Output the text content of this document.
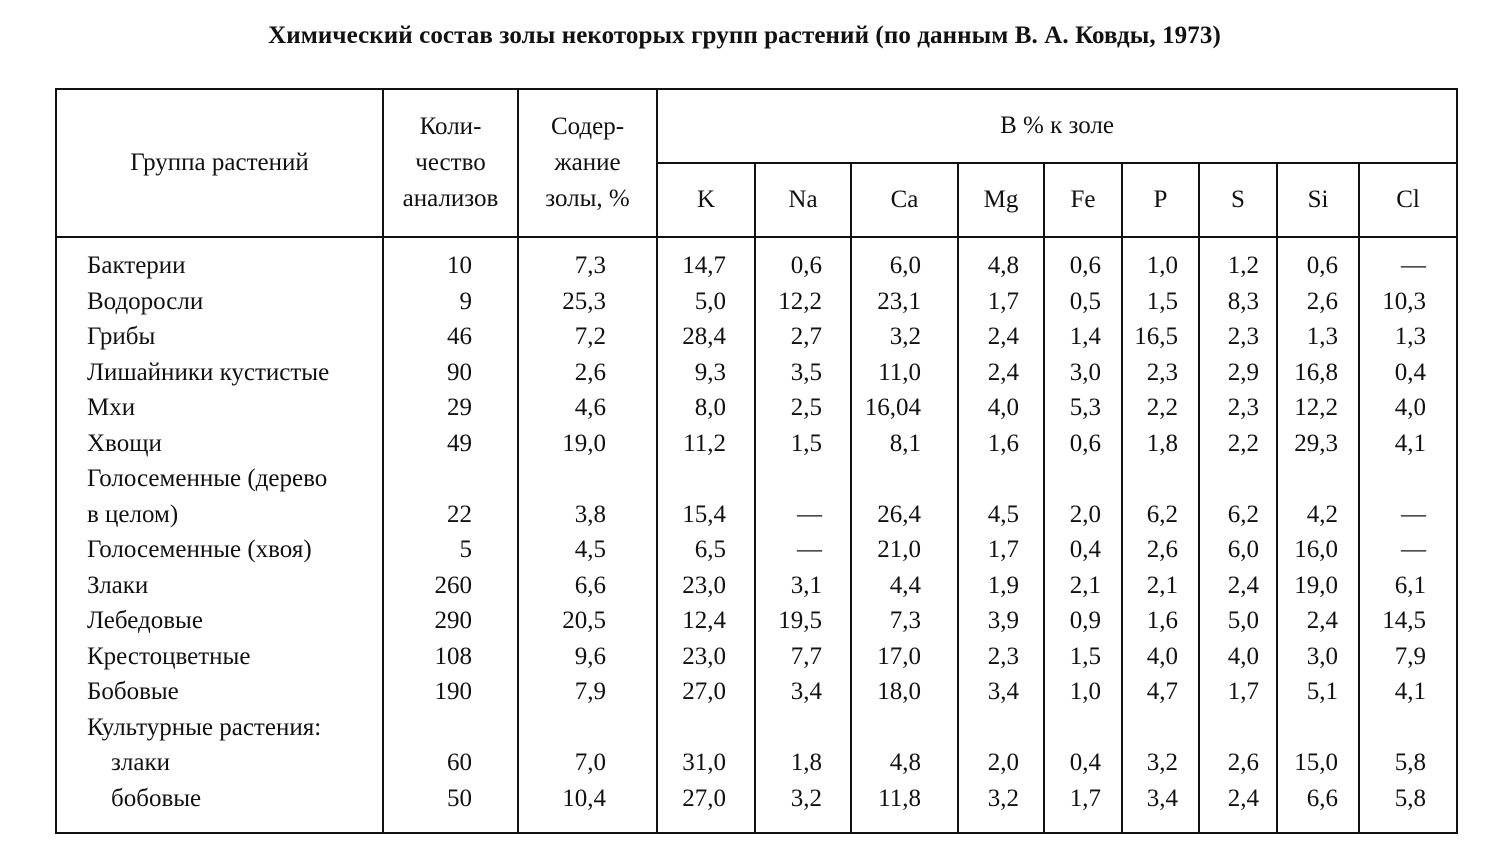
Химический состав золы некоторых групп растений (по данным В. А. Ковды, 1973)
Группа растений	Коли-
чество
анализов	Содер-
жание
золы, %	В % к золе								
			K	Na	Ca	Mg	Fe	P	S	Si	Cl
Бактерии	10	7,3	14,7	0,6	6,0	4,8	0,6	1,0	1,2	0,6	—
Водоросли	9	25,3	5,0	12,2	23,1	1,7	0,5	1,5	8,3	2,6	10,3
Грибы	46	7,2	28,4	2,7	3,2	2,4	1,4	16,5	2,3	1,3	1,3
Лишайники кустистые	90	2,6	9,3	3,5	11,0	2,4	3,0	2,3	2,9	16,8	0,4
Мхи	29	4,6	8,0	2,5	16,04	4,0	5,3	2,2	2,3	12,2	4,0
Хвощи	49	19,0	11,2	1,5	8,1	1,6	0,6	1,8	2,2	29,3	4,1
Голосеменные (дерево											
в целом)	22	3,8	15,4	—	26,4	4,5	2,0	6,2	6,2	4,2	—
Голосеменные (хвоя)	5	4,5	6,5	—	21,0	1,7	0,4	2,6	6,0	16,0	—
Злаки	260	6,6	23,0	3,1	4,4	1,9	2,1	2,1	2,4	19,0	6,1
Лебедовые	290	20,5	12,4	19,5	7,3	3,9	0,9	1,6	5,0	2,4	14,5
Крестоцветные	108	9,6	23,0	7,7	17,0	2,3	1,5	4,0	4,0	3,0	7,9
Бобовые	190	7,9	27,0	3,4	18,0	3,4	1,0	4,7	1,7	5,1	4,1
Культурные растения:											
злаки	60	7,0	31,0	1,8	4,8	2,0	0,4	3,2	2,6	15,0	5,8
бобовые	50	10,4	27,0	3,2	11,8	3,2	1,7	3,4	2,4	6,6	5,8
